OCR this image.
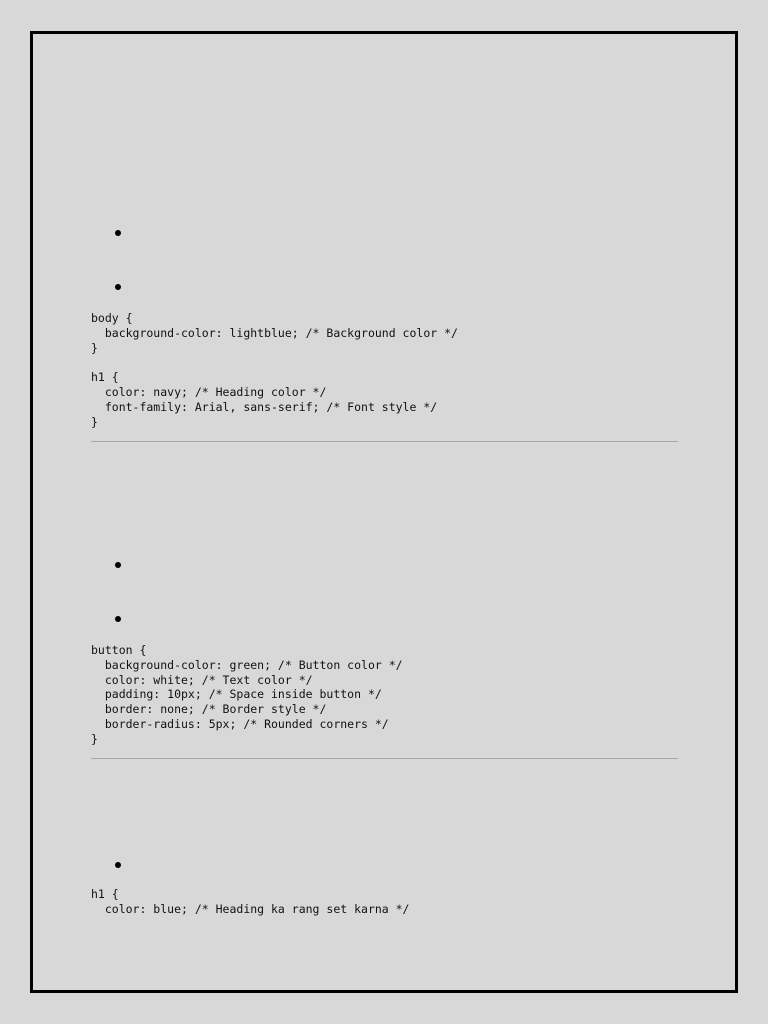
body {
background-color: lightblue; /* Background color */
}

h1 {
color: navy; /* Heading color */
font-family: Arial, sans-serif; /* Font style */
}
button {
background-color: green; /* Button color */
color: white; /* Text color */
padding: 10px; /* Space inside button */
border: none; /* Border style */
border-radius: 5px; /* Rounded corners */
}
h1 {
color: blue; /* Heading ka rang set karna */
